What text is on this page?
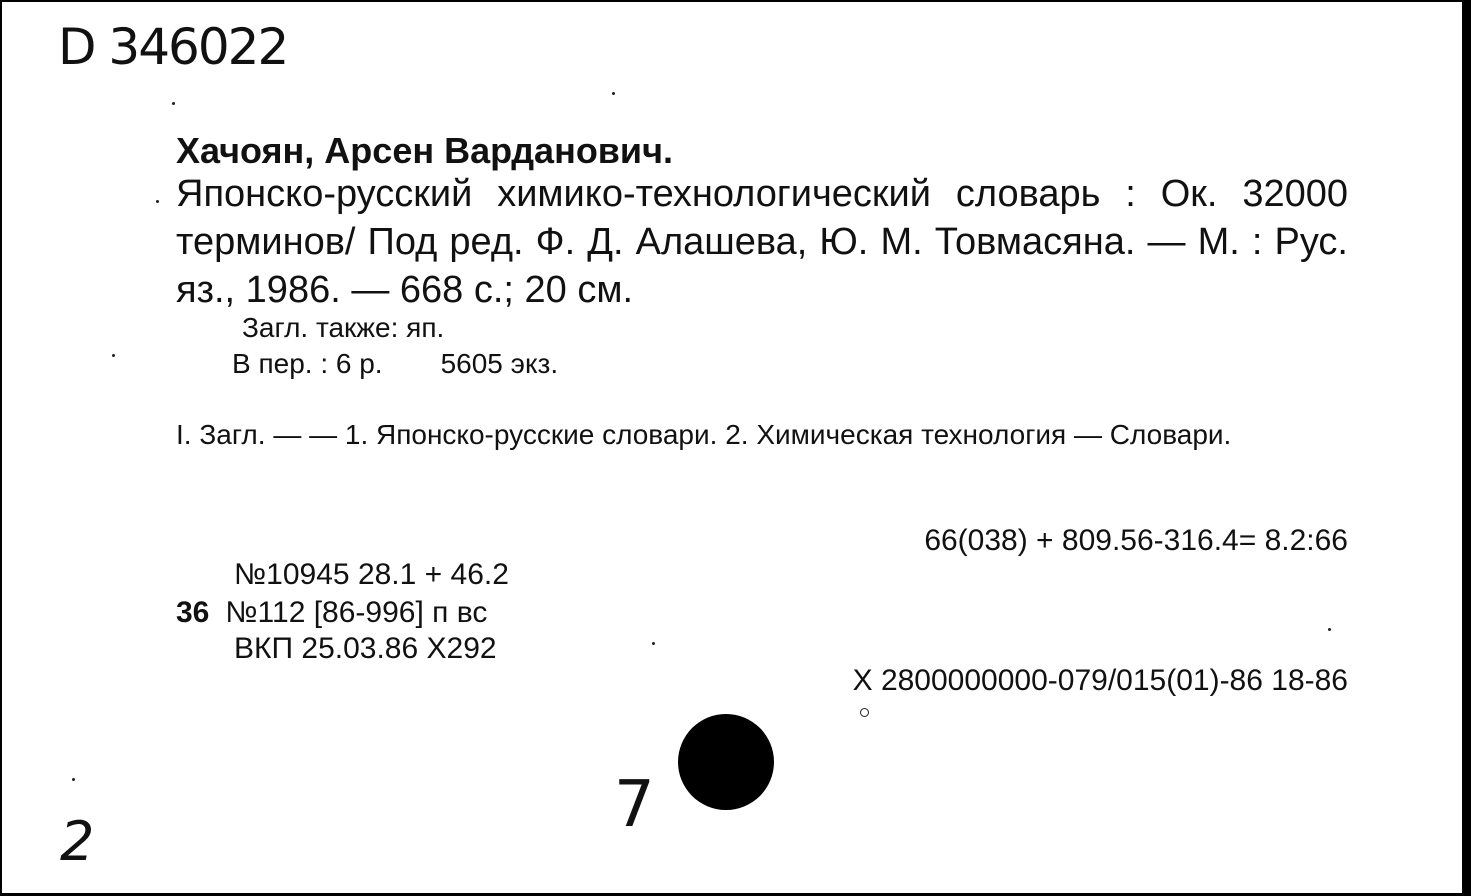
D 346022
Хачоян, Арсен Варданович.
Японско-русский химико-технологический словарь : Ок. 32000 терминов/ Под ред. Ф. Д. Алашева, Ю. М. Товмасяна. — М. : Рус. яз., 1986. — 668 с.; 20 см.
Загл. также: яп.
В пер. : 6 р. 5605 экз.
I. Загл. — — 1. Японско-русские словари. 2. Химическая технология — Словари.
66(038) + 809.56-316.4= 8.2:66
№10945 28.1 + 46.2
36 №112 [86-996] п вс
ВКП 25.03.86 Х292
Х 2800000000-079/015(01)-86 18-86
7
2
